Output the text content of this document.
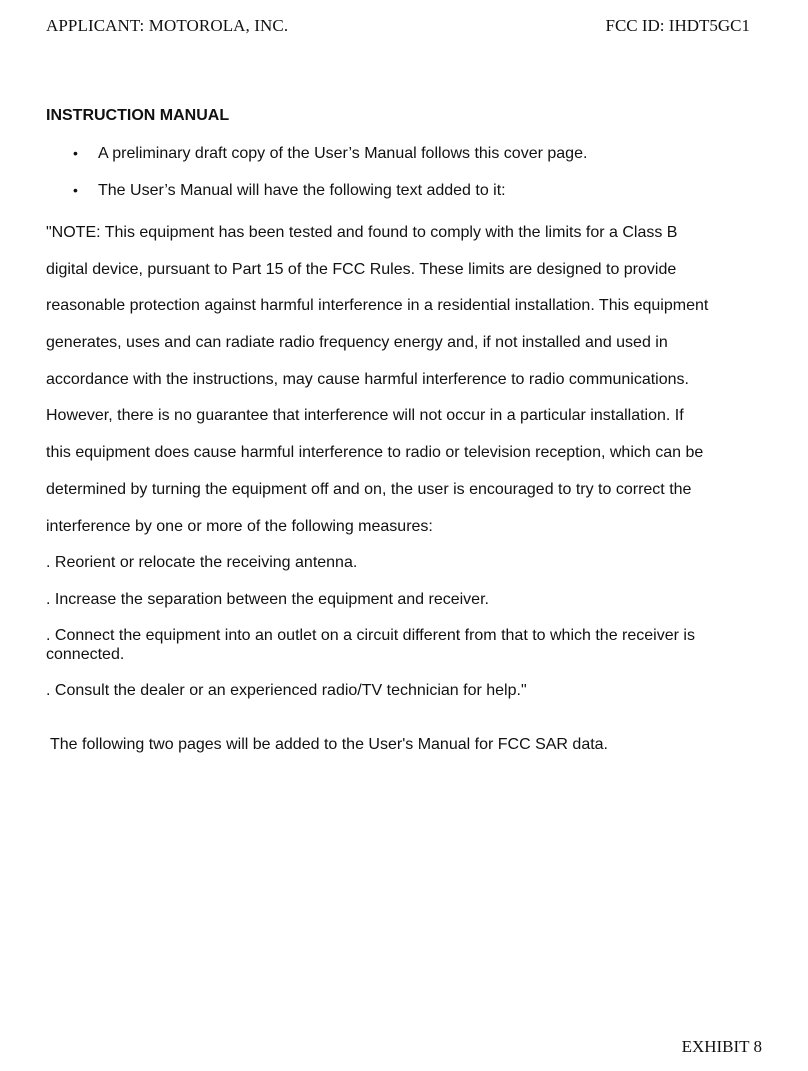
APPLICANT: MOTOROLA, INC.	FCC ID: IHDT5GC1
INSTRUCTION MANUAL
• A preliminary draft copy of the User’s Manual follows this cover page.
• The User’s Manual will have the following text added to it:
"NOTE: This equipment has been tested and found to comply with the limits for a Class B
digital device, pursuant to Part 15 of the FCC Rules. These limits are designed to provide
reasonable protection against harmful interference in a residential installation. This equipment
generates, uses and can radiate radio frequency energy and, if not installed and used in
accordance with the instructions, may cause harmful interference to radio communications.
However, there is no guarantee that interference will not occur in a particular installation. If
this equipment does cause harmful interference to radio or television reception, which can be
determined by turning the equipment off and on, the user is encouraged to try to correct the
interference by one or more of the following measures:
. Reorient or relocate the receiving antenna.
. Increase the separation between the equipment and receiver.
. Connect the equipment into an outlet on a circuit different from that to which the receiver is connected.
. Consult the dealer or an experienced radio/TV technician for help."
The following two pages will be added to the User's Manual for FCC SAR data.
EXHIBIT 8
